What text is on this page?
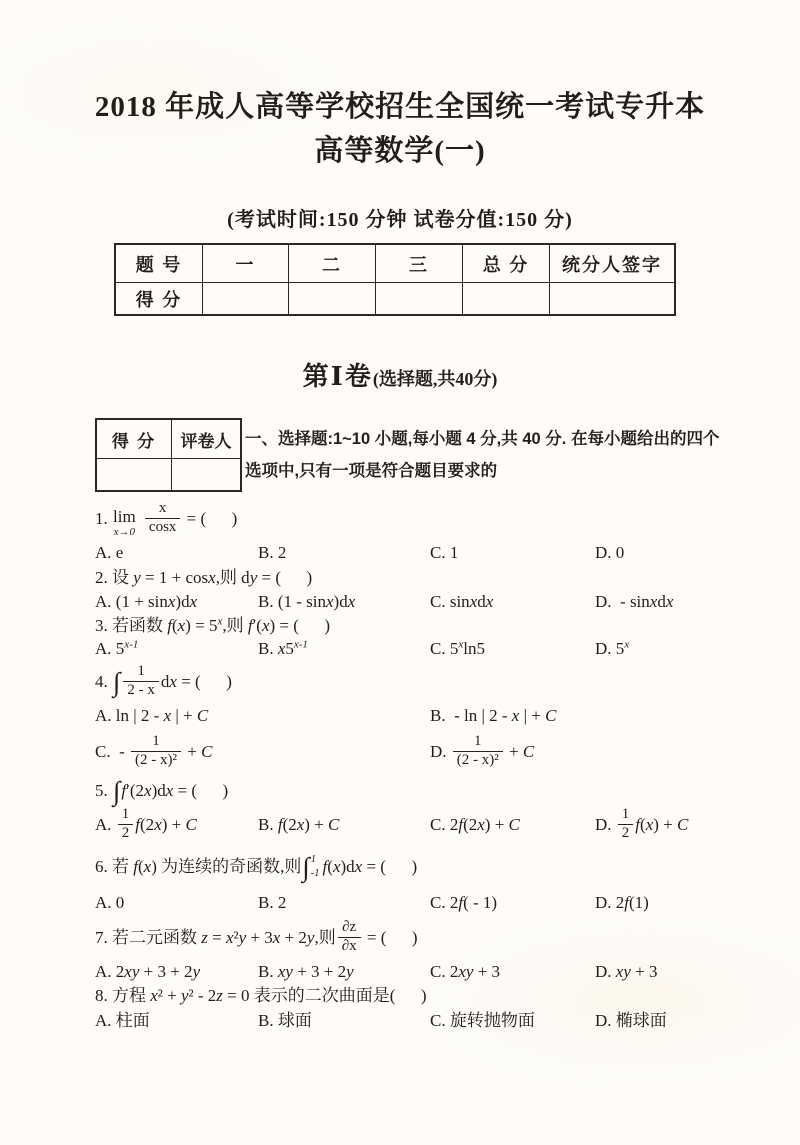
2018 年成人高等学校招生全国统一考试专升本
高等数学(一)
(考试时间:150 分钟 试卷分值:150 分)
题 号	一	二	三	总 分	统分人签字
得 分					
第Ⅰ卷(选择题,共40分)
得 分	评卷人
	一、选择题:1~10 小题,每小题 4 分,共 40 分. 在每小题给出的四个
选项中,只有一项是符合题目要求的
1. lim
x→0
$\frac{x}{\cos x}$ = (      )
A. e	B. 2	C. 1	D. 0
2. 设 y = 1 + cosx,则 dy = (      )
A. (1 + sinx)dx	B. (1 - sinx)dx	C. sinxdx	D.  - sinxdx
3. 若函数 $f(x) = 5^x$,则 f′(x) = (      )
A. 5$^{x-1}$	B. x5$^{x-1}$	C. 5$^x$ln5	D. 5$^x$
4. ∫ $\frac{1}{2 - x}$ dx = (      )
A. ln | 2 - x | + C	B.  - ln | 2 - x | + C
C.  - $\frac{1}{\text{(2 - x)²}} + C$	D. $\frac{1}{\text{(2 - x)²}} + C$
5. ∫ f′(2x)dx = (      )
A. $\frac{1}{2} f(2x) + C$	B. f(2x) + C	C. 2f(2x) + C	D. $\frac{1}{2} f(x) + C$
6. 若 f(x) 为连续的奇函数,则 ∫ 1
-1 f(x)dx = (      )
A. 0	B. 2	C. 2f( - 1)	D. 2f(1)
7. 若二元函数 z = x²y + 3x + 2y,则 $\frac{\partial z}{\partial x}$ = (      )
A. 2xy + 3 + 2y	B. xy + 3 + 2y	C. 2xy + 3	D. xy + 3
8. 方程 x² + y² - 2z = 0 表示的二次曲面是(      )
A. 柱面	B. 球面	C. 旋转抛物面	D. 椭球面
